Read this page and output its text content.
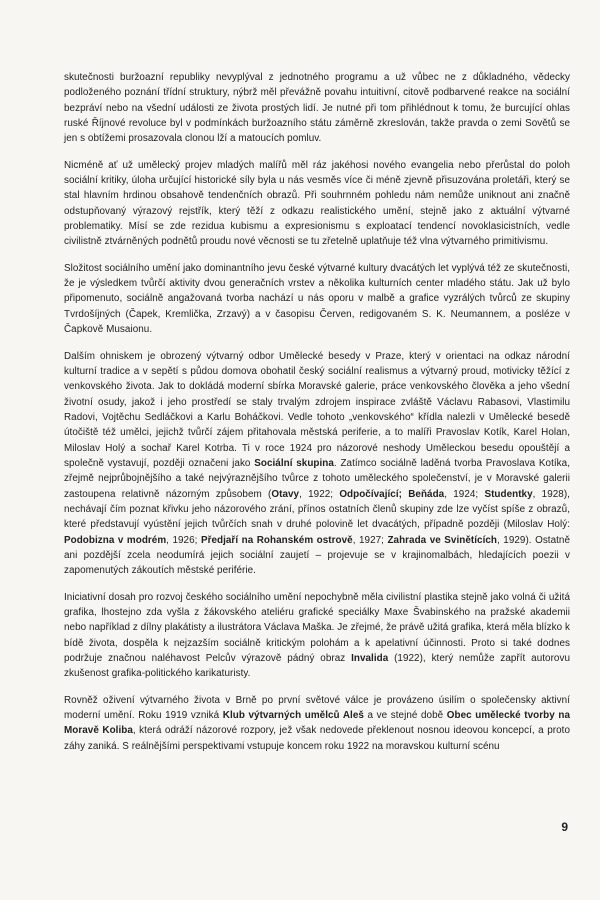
skutečnosti buržoazní republiky nevyplýval z jednotného programu a už vůbec ne z důkladného, vědecky podloženého poznání třídní struktury, nýbrž měl převážně povahu intuitivní, citově podbarvené reakce na sociální bezpráví nebo na všední události ze života prostých lidí. Je nutné při tom přihlédnout k tomu, že burcující ohlas ruské Říjnové revoluce byl v podmínkách buržoazního státu záměrně zkreslován, takže pravda o zemi Sovětů se jen s obtížemi prosazovala clonou lží a matoucích pomluv.

Nicméně ať už umělecký projev mladých malířů měl ráz jakéhosi nového evangelia nebo přerůstal do poloh sociální kritiky, úloha určující historické síly byla u nás vesměs více či méně zjevně přisuzována proletáři, který se stal hlavním hrdinou obsahově tendenčních obrazů. Při souhrnném pohledu nám nemůže uniknout ani značně odstupňovaný výrazový rejstřík, který těží z odkazu realistického umění, stejně jako z aktuální výtvarné problematiky. Mísí se zde rezidua kubismu a expresionismu s exploatací tendencí novoklasicistních, vedle civilistně ztvárněných podnětů proudu nové věcnosti se tu zřetelně uplatňuje též vlna výtvarného primitivismu.

Složitost sociálního umění jako dominantního jevu české výtvarné kultury dvacátých let vyplývá též ze skutečnosti, že je výsledkem tvůrčí aktivity dvou generačních vrstev a několika kulturních center mladého státu. Jak už bylo připomenuto, sociálně angažovaná tvorba nachází u nás oporu v malbě a grafice vyzrálých tvůrců ze skupiny Tvrdošíjných (Čapek, Kremlička, Zrzavý) a v časopisu Červen, redigovaném S. K. Neumannem, a posléze v Čapkově Musaionu.

Dalším ohniskem je obrozený výtvarný odbor Umělecké besedy v Praze, který v orientaci na odkaz národní kulturní tradice a v sepětí s půdou domova obohatil český sociální realismus a výtvarný proud, motivicky těžící z venkovského života. Jak to dokládá moderní sbírka Moravské galerie, práce venkovského člověka a jeho všední životní osudy, jakož i jeho prostředí se staly trvalým zdrojem inspirace zvláště Václavu Rabasovi, Vlastimilu Radovi, Vojtěchu Sedláčkovi a Karlu Boháčkovi. Vedle tohoto „venkovského“ křídla nalezli v Umělecké besedě útočiště též umělci, jejichž tvůrčí zájem přitahovala městská periferie, a to malíři Pravoslav Kotík, Karel Holan, Miloslav Holý a sochař Karel Kotrba. Ti v roce 1924 pro názorové neshody Uměleckou besedu opouštějí a společně vystavují, později označeni jako Sociální skupina. Zatímco sociálně laděná tvorba Pravoslava Kotíka, zřejmě nejprůbojnějšího a také nejvýraznějšího tvůrce z tohoto uměleckého společenství, je v Moravské galerii zastoupena relativně názorným způsobem (Otavy, 1922; Odpočívající; Beňáda, 1924; Studentky, 1928), nechávají čím poznat křivku jeho názorového zrání, přínos ostatních členů skupiny zde lze vyčíst spíše z obrazů, které představují vyústění jejich tvůrčích snah v druhé polovině let dvacátých, případně později (Miloslav Holý: Podobizna v modrém, 1926; Předjaří na Rohanském ostrově, 1927; Zahrada ve Svinětících, 1929). Ostatně ani pozdější zcela neodumírá jejich sociální zaujetí – projevuje se v krajinomalbách, hledajících poezii v zapomenutých zákoutích městské periférie.

Iniciativní dosah pro rozvoj českého sociálního umění nepochybně měla civilistní plastika stejně jako volná či užitá grafika, lhostejno zda vyšla z žákovského ateliéru grafické speciálky Maxe Švabinského na pražské akademii nebo například z dílny plakátisty a ilustrátora Václava Maška. Je zřejmé, že právě užitá grafika, která měla blízko k bídě života, dospěla k nejzazším sociálně kritickým polohám a k apelativní účinnosti. Proto si také dodnes podržuje značnou naléhavost Pelcův výrazově pádný obraz Invalida (1922), který nemůže zapřít autorovu zkušenost grafika-politického karikaturisty.

Rovněž oživení výtvarného života v Brně po první světové válce je provázeno úsilím o společensky aktivní moderní umění. Roku 1919 vzniká Klub výtvarných umělců Aleš a ve stejné době Obec umělecké tvorby na Moravě Koliba, která odráží názorové rozpory, jež však nedovede překlenout nosnou ideovou koncepcí, a proto záhy zaniká. S reálnějšími perspektivami vstupuje koncem roku 1922 na moravskou kulturní scénu

9
